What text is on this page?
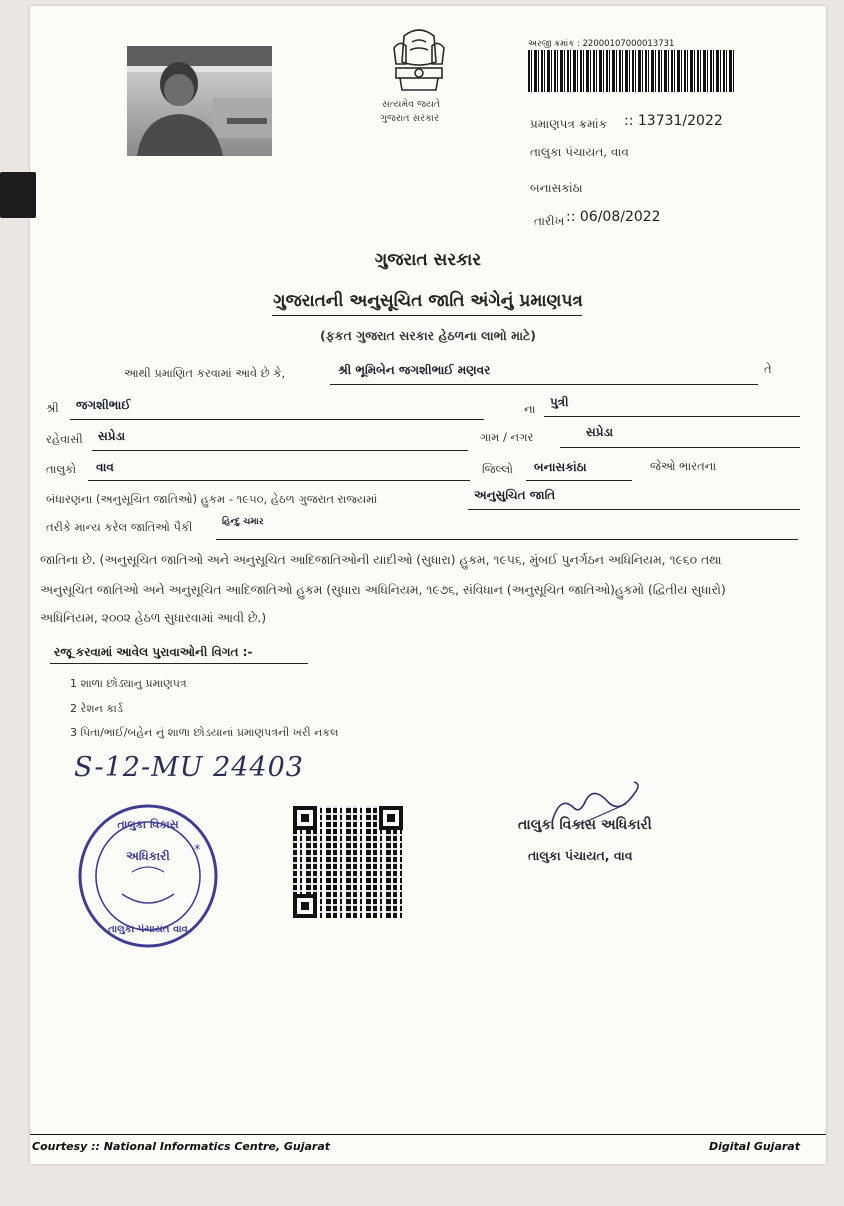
સત્યમેવ જયતે
ગુજરાત સરકાર
અરજી ક્રમાંક : 22000107000013731
પ્રમાણપત્ર ક્રમાંક :: 13731/2022
તાલુકા પંચાયત, વાવ
બનાસકાંઠા
તારીખ :: 06/08/2022
ગુજરાત સરકાર
ગુજરાતની અનુસૂચિત જાતિ અંગેનું પ્રમાણપત્ર
(ફકત ગુજરાત સરકાર હેઠળના લાભો માટે)
આથી પ્રમાણિત કરવામાં આવે છે કે,	શ્રી ભૂમિબેન જગશીભાઈ મણવર	તે
શ્રી જગશીભાઈ	ના પુત્રી
રહેવાસી સપ્રેડા	ગામ / નગર	સપ્રેડા
તાલુકો વાવ	જિલ્લો બનાસકાંઠા	જેઓ ભારતના
બંધારણના (અનુસૂચિત જાતિઓ) હુકમ - ૧૯૫૦, હેઠળ ગુજરાત રાજ્યમાં	અનુસુચિત જાતિ
તરીકે માન્ય કરેલ જાતિઓ પૈકી	હિન્દુ ચમાર
જાતિના છે. (અનુસૂચિત જાતિઓ અને અનુસૂચિત આદિજાતિઓની યાદીઓ (સુધારા) હુકમ, ૧૯૫૬, મુંબઈ પુનર્ગઠન અધિનિયમ, ૧૯૬૦ તથા
અનુસૂચિત જાતિઓ અને અનુસૂચિત આદિજાતિઓ હુકમ (સુધારા અધિનિયમ, ૧૯૭૬, સંવિધાન (અનુસૂચિત જાતિઓ)હુકમો (દ્વિતીય સુધારો)
અધિનિયમ, ૨૦૦૨ હેઠળ સુધારવામાં આવી છે.)
રજૂ કરવામાં આવેલ પુરાવાઓની વિગત :-
1 શાળા છોડ્યાનુ પ્રમાણપત્ર
2 રેશન કાર્ડ
3 પિતા/ભાઈ/બહેન નું શાળા છોડયાનાં પ્રમાણપત્રની ખરી નકલ
S-12-MU 24403
તાલુકા વિકાસ
અધિકારી
તાલુકા પંચાયત વાવ
*
તાલુકા વિકાસ અધિકારી
તાલુકા પંચાયત, વાવ
Courtesy :: National Informatics Centre, Gujarat	Digital Gujarat
